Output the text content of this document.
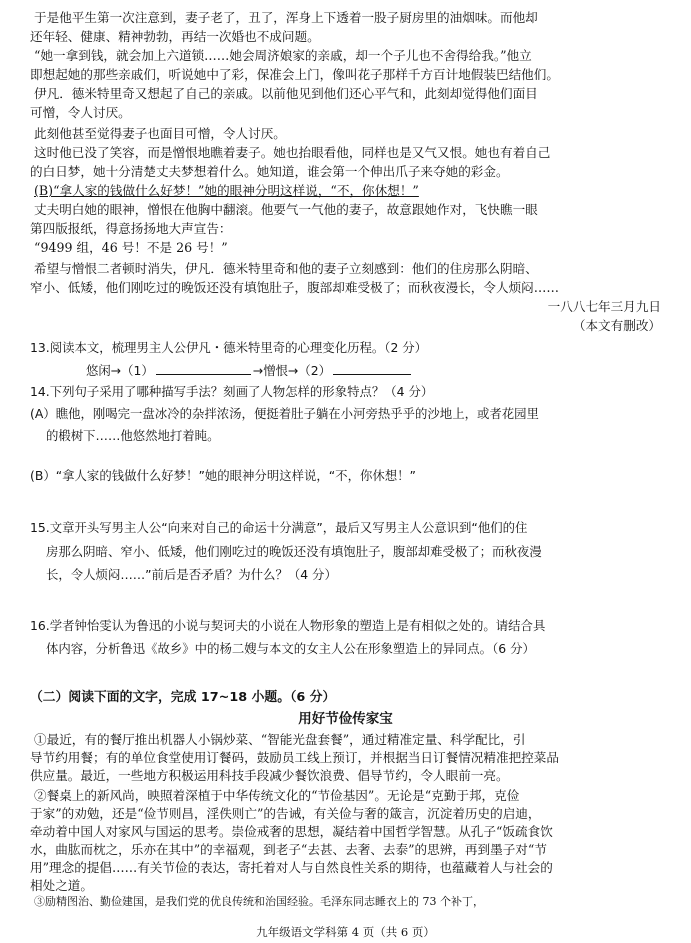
于是他平生第一次注意到，妻子老了，丑了，浑身上下透着一股子厨房里的油烟味。而他却
还年轻、健康、精神勃勃，再结一次婚也不成问题。
“她一拿到钱，就会加上六道锁……她会周济娘家的亲戚，却一个子儿也不舍得给我。”他立
即想起她的那些亲戚们，听说她中了彩，保准会上门，像叫花子那样千方百计地假装巴结他们。
伊凡．德米特里奇又想起了自己的亲戚。以前他见到他们还心平气和，此刻却觉得他们面目
可憎，令人讨厌。
此刻他甚至觉得妻子也面目可憎，令人讨厌。
这时他已没了笑容，而是憎恨地瞧着妻子。她也抬眼看他，同样也是又气又恨。她也有着自己
的白日梦，她十分清楚丈夫梦想着什么。她知道，谁会第一个伸出爪子来夺她的彩金。
(B)“拿人家的钱做什么好梦！”她的眼神分明这样说，“不，你休想！”
丈夫明白她的眼神，憎恨在他胸中翻滚。他要气一气他的妻子，故意跟她作对，飞快瞧一眼
第四版报纸，得意扬扬地大声宣告：
“9499 组，46 号！不是 26 号！”
希望与憎恨二者顿时消失，伊凡．德米特里奇和他的妻子立刻感到：他们的住房那么阴暗、
窄小、低矮，他们刚吃过的晚饭还没有填饱肚子，腹部却难受极了；而秋夜漫长，令人烦闷……
一八八七年三月九日
（本文有删改）
13.阅读本文，梳理男主人公伊凡・德米特里奇的心理变化历程。（2 分）
悠闲→（1）	→憎恨→（2）
14.下列句子采用了哪种描写手法？刻画了人物怎样的形象特点？（4 分）
(A）瞧他，刚喝完一盘冰冷的杂拌浓汤，便挺着肚子躺在小河旁热乎乎的沙地上，或者花园里
的椴树下……他悠然地打着盹。
(B）“拿人家的钱做什么好梦！”她的眼神分明这样说，“不，你休想！”
15.文章开头写男主人公“向来对自己的命运十分满意”，最后又写男主人公意识到“他们的住
房那么阴暗、窄小、低矮，他们刚吃过的晚饭还没有填饱肚子，腹部却难受极了；而秋夜漫
长，令人烦闷……”前后是否矛盾？为什么？（4 分）
16.学者钟怡雯认为鲁迅的小说与契诃夫的小说在人物形象的塑造上是有相似之处的。请结合具
体内容，分析鲁迅《故乡》中的杨二嫂与本文的女主人公在形象塑造上的异同点。（6 分）
（二）阅读下面的文字，完成 17~18 小题。（6 分）
用好节俭传家宝
①最近，有的餐厅推出机器人小锅炒菜、“智能光盘套餐”，通过精准定量、科学配比，引
导节约用餐；有的单位食堂使用订餐码，鼓励员工线上预订，并根据当日订餐情况精准把控菜品
供应量。最近，一些地方积极运用科技手段减少餐饮浪费、倡导节约，令人眼前一亮。
②餐桌上的新风尚，映照着深植于中华传统文化的“节俭基因”。无论是“克勤于邦，克俭
于家”的劝勉，还是“俭节则昌，淫佚则亡”的告诫，有关俭与奢的箴言，沉淀着历史的启迪，
牵动着中国人对家风与国运的思考。崇俭戒奢的思想，凝结着中国哲学智慧。从孔子“饭疏食饮
水，曲肱而枕之，乐亦在其中”的幸福观，到老子“去甚、去奢、去泰”的思辨，再到墨子对“节
用”理念的提倡……有关节俭的表达，寄托着对人与自然良性关系的期待，也蕴藏着人与社会的
相处之道。
③励精图治、勤俭建国，是我们党的优良传统和治国经验。毛泽东同志睡衣上的 73 个补丁，
九年级语文学科第 4 页（共 6 页）
